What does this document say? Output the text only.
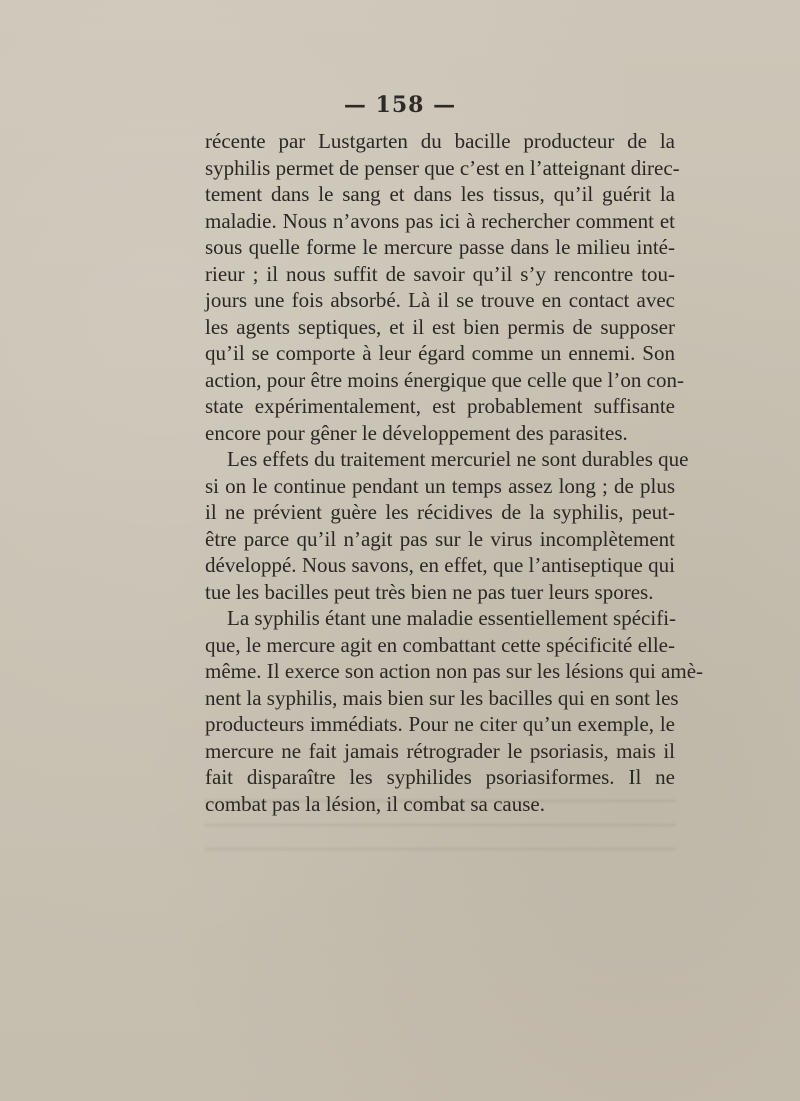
— 158 —

récente par Lustgarten du bacille producteur de la
syphilis permet de penser que c’est en l’atteignant direc-
tement dans le sang et dans les tissus, qu’il guérit la
maladie. Nous n’avons pas ici à rechercher comment et
sous quelle forme le mercure passe dans le milieu inté-
rieur ; il nous suffit de savoir qu’il s’y rencontre tou-
jours une fois absorbé. Là il se trouve en contact avec
les agents septiques, et il est bien permis de supposer
qu’il se comporte à leur égard comme un ennemi. Son
action, pour être moins énergique que celle que l’on con-
state expérimentalement, est probablement suffisante
encore pour gêner le développement des parasites.

Les effets du traitement mercuriel ne sont durables que
si on le continue pendant un temps assez long ; de plus
il ne prévient guère les récidives de la syphilis, peut-
être parce qu’il n’agit pas sur le virus incomplètement
développé. Nous savons, en effet, que l’antiseptique qui
tue les bacilles peut très bien ne pas tuer leurs spores.

La syphilis étant une maladie essentiellement spécifi-
que, le mercure agit en combattant cette spécificité elle-
même. Il exerce son action non pas sur les lésions qui amè-
nent la syphilis, mais bien sur les bacilles qui en sont les
producteurs immédiats. Pour ne citer qu’un exemple, le
mercure ne fait jamais rétrograder le psoriasis, mais il
fait disparaître les syphilides psoriasiformes. Il ne
combat pas la lésion, il combat sa cause.
